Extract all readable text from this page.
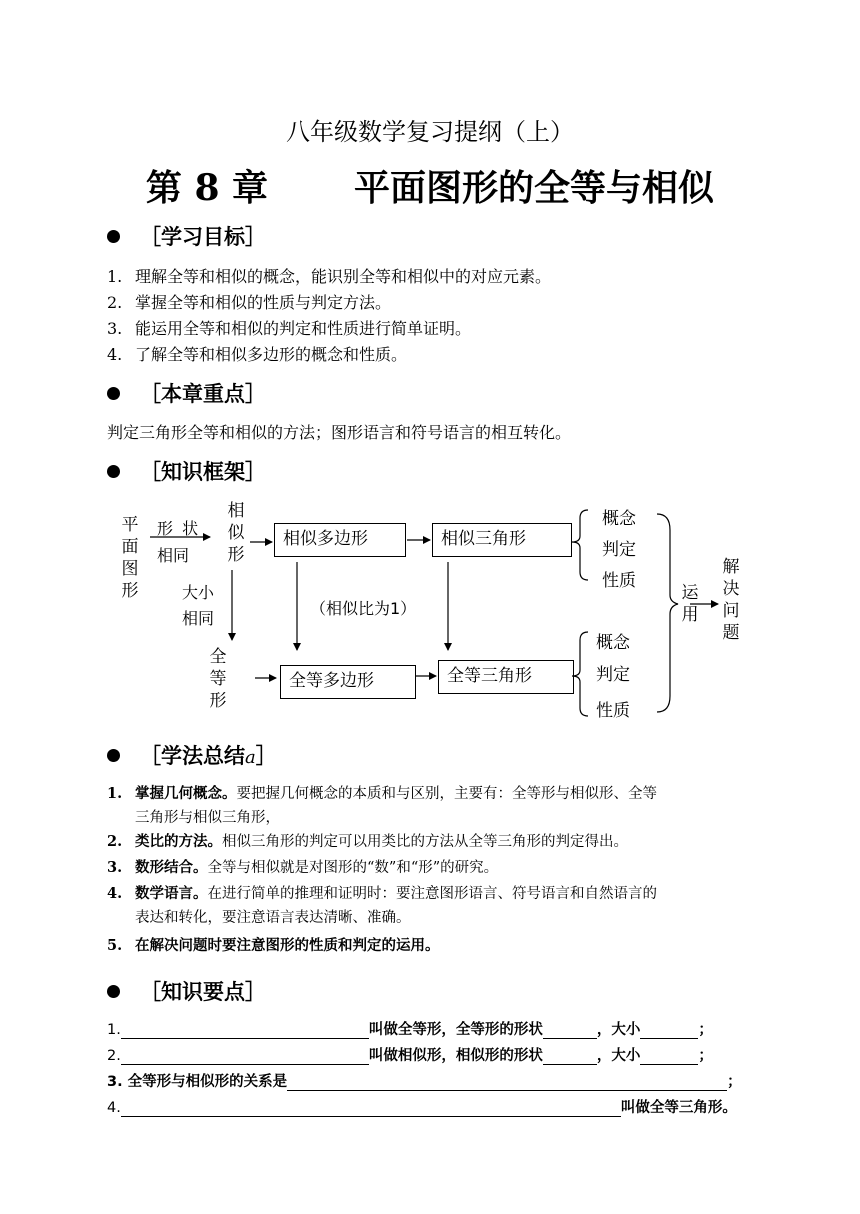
八年级数学复习提纲（上）
第 8 章 平面图形的全等与相似
［学习目标］
1. 理解全等和相似的概念，能识别全等和相似中的对应元素。
2. 掌握全等和相似的性质与判定方法。
3. 能运用全等和相似的判定和性质进行简单证明。
4. 了解全等和相似多边形的概念和性质。
［本章重点］
判定三角形全等和相似的方法；图形语言和符号语言的相互转化。
［知识框架］
平面图形
形 状
相同
相似形
大小
相同
全等形
相似多边形	相似三角形
（相似比为1）
全等多边形	全等三角形
概念
判定
性质
概念
判定
性质
运用
解决问题
［学法总结a］
1. 掌握几何概念。要把握几何概念的本质和与区别，主要有：全等形与相似形、全等
三角形与相似三角形，
2. 类比的方法。相似三角形的判定可以用类比的方法从全等三角形的判定得出。
3. 数形结合。全等与相似就是对图形的“数”和“形”的研究。
4. 数学语言。在进行简单的推理和证明时：要注意图形语言、符号语言和自然语言的
表达和转化，要注意语言表达清晰、准确。
5. 在解决问题时要注意图形的性质和判定的运用。
［知识要点］
1.	叫做全等形，全等形的形状	，大小	；
2.	叫做相似形，相似形的形状	，大小	；
3. 全等形与相似形的关系是	；
4.	叫做全等三角形。
